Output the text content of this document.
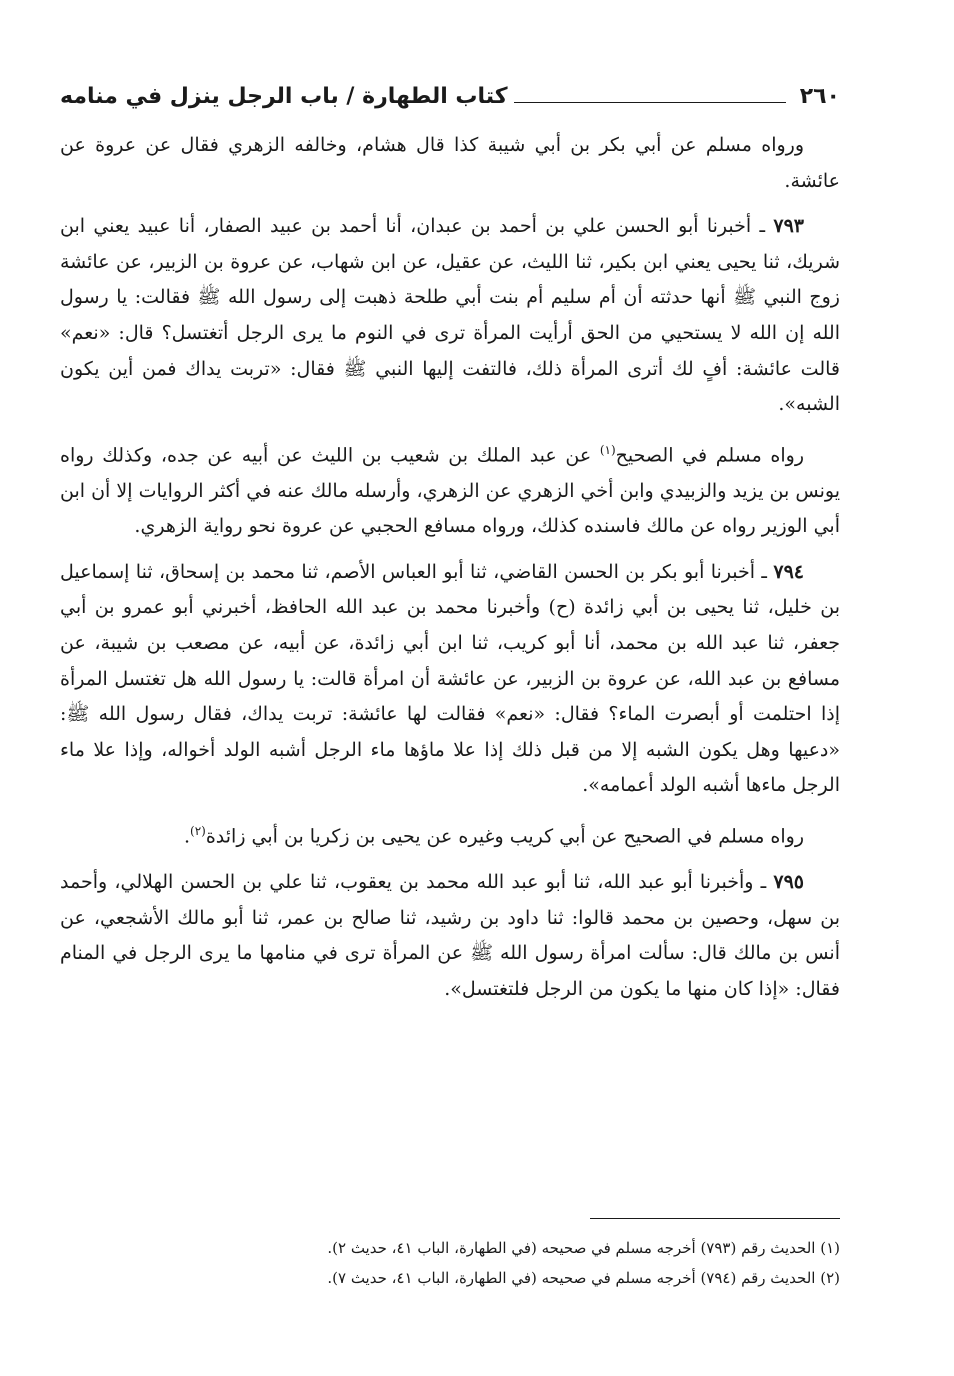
٢٦٠
كتاب الطهارة / باب الرجل ينزل في منامه

ورواه مسلم عن أبي بكر بن أبي شيبة كذا قال هشام، وخالفه الزهري فقال عن عروة عن عائشة.

٧٩٣ ـ أخبرنا أبو الحسن علي بن أحمد بن عبدان، أنا أحمد بن عبيد الصفار، أنا عبيد يعني ابن شريك، ثنا يحيى يعني ابن بكير، ثنا الليث، عن عقيل، عن ابن شهاب، عن عروة بن الزبير، عن عائشة زوج النبي ﷺ أنها حدثته أن أم سليم أم بنت أبي طلحة ذهبت إلى رسول الله ﷺ فقالت: يا رسول الله إن الله لا يستحيي من الحق أرأيت المرأة ترى في النوم ما يرى الرجل أتغتسل؟ قال: «نعم» قالت عائشة: أفٍ لك أترى المرأة ذلك، فالتفت إليها النبي ﷺ فقال: «تربت يداك فمن أين يكون الشبه».

رواه مسلم في الصحيح$^{(١)}$ عن عبد الملك بن شعيب بن الليث عن أبيه عن جده، وكذلك رواه يونس بن يزيد والزبيدي وابن أخي الزهري عن الزهري، وأرسله مالك عنه في أكثر الروايات إلا أن ابن أبي الوزير رواه عن مالك فاسنده كذلك، ورواه مسافع الحجبي عن عروة نحو رواية الزهري.

٧٩٤ ـ أخبرنا أبو بكر بن الحسن القاضي، ثنا أبو العباس الأصم، ثنا محمد بن إسحاق، ثنا إسماعيل بن خليل، ثنا يحيى بن أبي زائدة (ح) وأخبرنا محمد بن عبد الله الحافظ، أخبرني أبو عمرو بن أبي جعفر، ثنا عبد الله بن محمد، أنا أبو كريب، ثنا ابن أبي زائدة، عن أبيه، عن مصعب بن شيبة، عن مسافع بن عبد الله، عن عروة بن الزبير، عن عائشة أن امرأة قالت: يا رسول الله هل تغتسل المرأة إذا احتلمت أو أبصرت الماء؟ فقال: «نعم» فقالت لها عائشة: تربت يداك، فقال رسول الله ﷺ: «دعيها وهل يكون الشبه إلا من قبل ذلك إذا علا ماؤها ماء الرجل أشبه الولد أخواله، وإذا علا ماء الرجل ماءها أشبه الولد أعمامه».

رواه مسلم في الصحيح عن أبي كريب وغيره عن يحيى بن زكريا بن أبي زائدة$^{(٢)}$.

٧٩٥ ـ وأخبرنا أبو عبد الله، ثنا أبو عبد الله محمد بن يعقوب، ثنا علي بن الحسن الهلالي، وأحمد بن سهل، وحصين بن محمد قالوا: ثنا داود بن رشيد، ثنا صالح بن عمر، ثنا أبو مالك الأشجعي، عن أنس بن مالك قال: سألت امرأة رسول الله ﷺ عن المرأة ترى في منامها ما يرى الرجل في المنام فقال: «إذا كان منها ما يكون من الرجل فلتغتسل».

(١) الحديث رقم (٧٩٣) أخرجه مسلم في صحيحه (في الطهارة، الباب ٤١، حديث ٢).

(٢) الحديث رقم (٧٩٤) أخرجه مسلم في صحيحه (في الطهارة، الباب ٤١، حديث ٧).
